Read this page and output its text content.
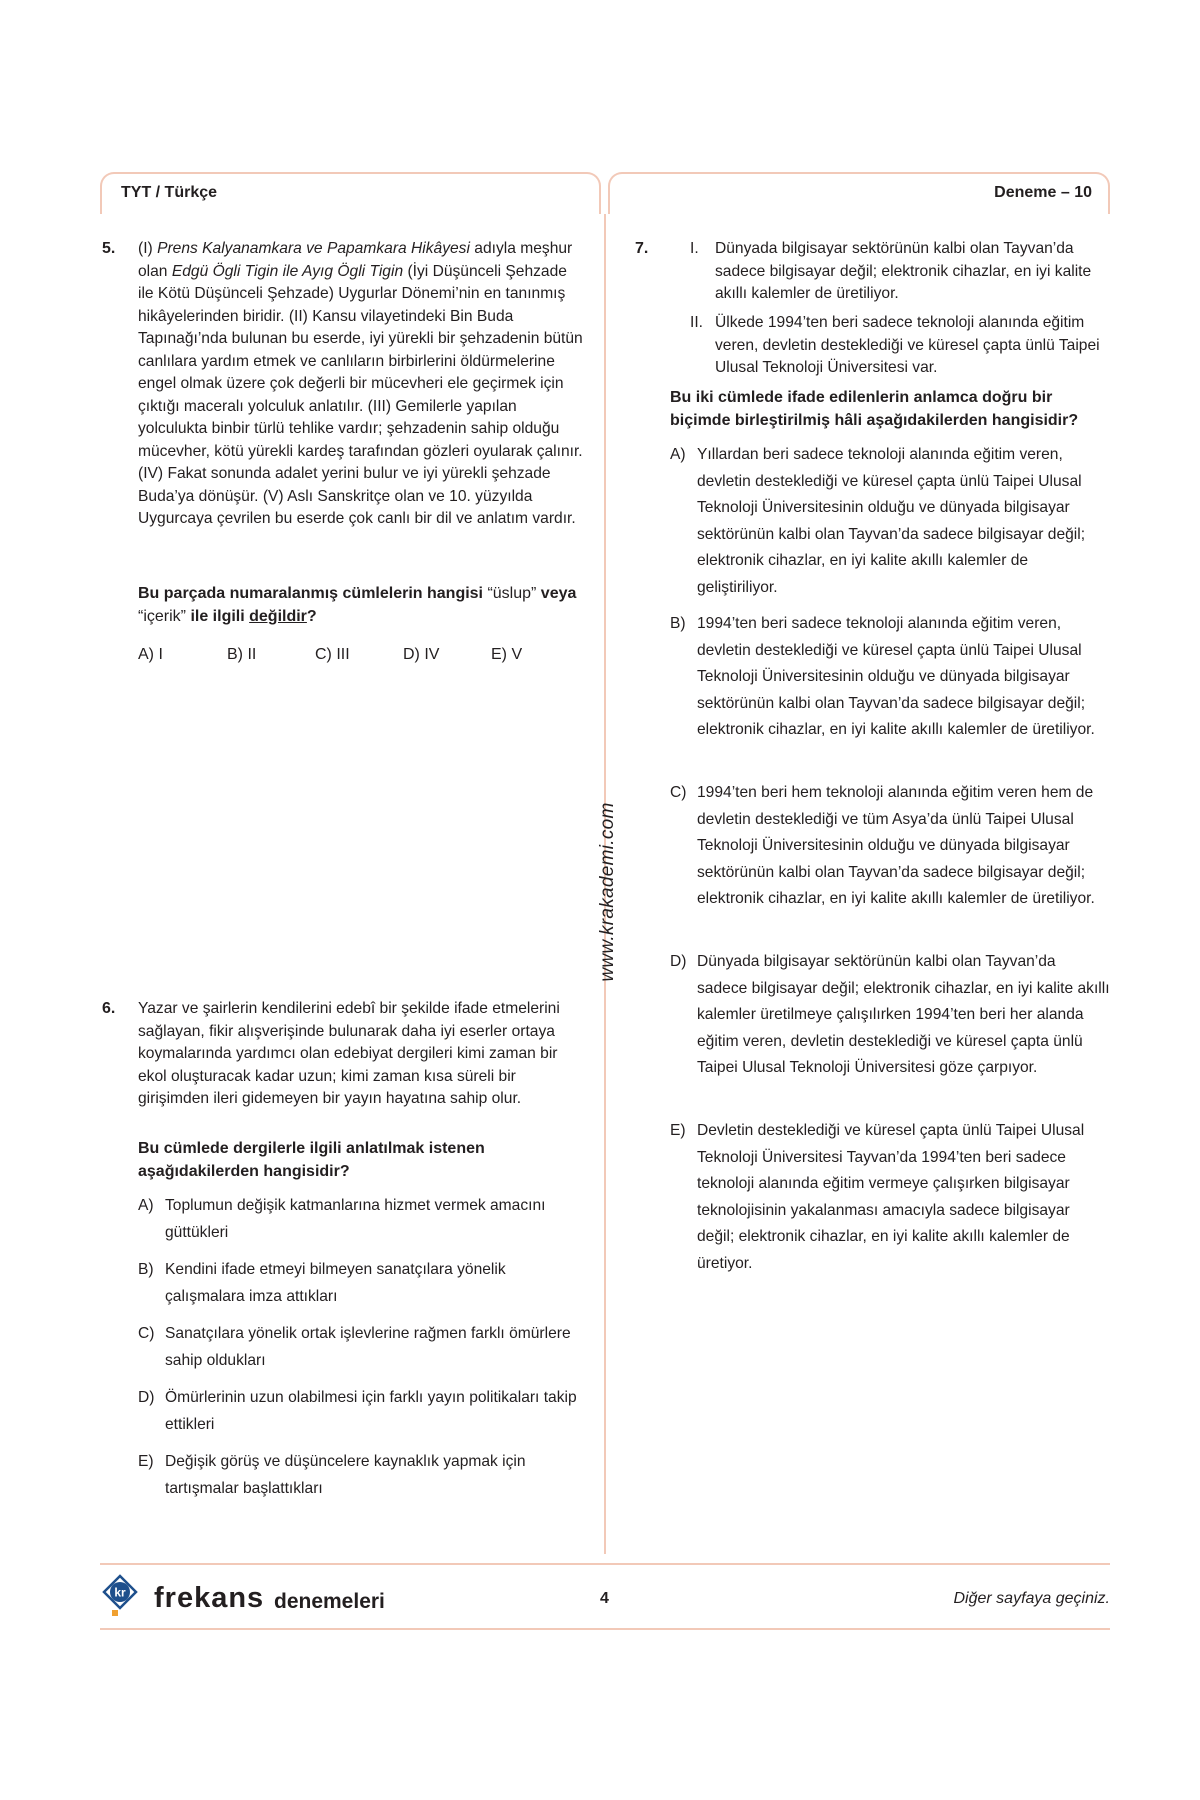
TYT / Türkçe	Deneme – 10
www.krakademi.com
5. (I) Prens Kalyanamkara ve Papamkara Hikâyesi adıyla meşhur olan Edgü Ögli Tigin ile Ayıg Ögli Tigin (İyi Düşünceli Şehzade ile Kötü Düşünceli Şehzade) Uygurlar Dönemi’nin en tanınmış hikâyelerinden biridir. (II) Kansu vilayetindeki Bin Buda Tapınağı’nda bulunan bu eserde, iyi yürekli bir şehzadenin bütün canlılara yardım etmek ve canlıların birbirlerini öldürmelerine engel olmak üzere çok değerli bir mücevheri ele geçirmek için çıktığı maceralı yolculuk anlatılır. (III) Gemilerle yapılan yolculukta binbir türlü tehlike vardır; şehzadenin sahip olduğu mücevher, kötü yürekli kardeş tarafından gözleri oyularak çalınır. (IV) Fakat sonunda adalet yerini bulur ve iyi yürekli şehzade Buda’ya dönüşür. (V) Aslı Sanskritçe olan ve 10. yüzyılda Uygurcaya çevrilen bu eserde çok canlı bir dil ve anlatım vardır.
Bu parçada numaralanmış cümlelerin hangisi “üslup” veya “içerik” ile ilgili değildir?
A) I	B) II	C) III	D) IV	E) V
6. Yazar ve şairlerin kendilerini edebî bir şekilde ifade etmelerini sağlayan, fikir alışverişinde bulunarak daha iyi eserler ortaya koymalarında yardımcı olan edebiyat dergileri kimi zaman bir ekol oluşturacak kadar uzun; kimi zaman kısa süreli bir girişimden ileri gidemeyen bir yayın hayatına sahip olur.
Bu cümlede dergilerle ilgili anlatılmak istenen aşağıdakilerden hangisidir?
A) Toplumun değişik katmanlarına hizmet vermek amacını güttükleri
B) Kendini ifade etmeyi bilmeyen sanatçılara yönelik çalışmalara imza attıkları
C) Sanatçılara yönelik ortak işlevlerine rağmen farklı ömürlere sahip oldukları
D) Ömürlerinin uzun olabilmesi için farklı yayın politikaları takip ettikleri
E) Değişik görüş ve düşüncelere kaynaklık yapmak için tartışmalar başlattıkları
7.	I. Dünyada bilgisayar sektörünün kalbi olan Tayvan’da sadece bilgisayar değil; elektronik cihazlar, en iyi kalite akıllı kalemler de üretiliyor.
II. Ülkede 1994’ten beri sadece teknoloji alanında eğitim veren, devletin desteklediği ve küresel çapta ünlü Taipei Ulusal Teknoloji Üniversitesi var.
Bu iki cümlede ifade edilenlerin anlamca doğru bir biçimde birleştirilmiş hâli aşağıdakilerden hangisidir?
A) Yıllardan beri sadece teknoloji alanında eğitim veren, devletin desteklediği ve küresel çapta ünlü Taipei Ulusal Teknoloji Üniversitesinin olduğu ve dünyada bilgisayar sektörünün kalbi olan Tayvan’da sadece bilgisayar değil; elektronik cihazlar, en iyi kalite akıllı kalemler de geliştiriliyor.
B) 1994’ten beri sadece teknoloji alanında eğitim veren, devletin desteklediği ve küresel çapta ünlü Taipei Ulusal Teknoloji Üniversitesinin olduğu ve dünyada bilgisayar sektörünün kalbi olan Tayvan’da sadece bilgisayar değil; elektronik cihazlar, en iyi kalite akıllı kalemler de üretiliyor.
C) 1994’ten beri hem teknoloji alanında eğitim veren hem de devletin desteklediği ve tüm Asya’da ünlü Taipei Ulusal Teknoloji Üniversitesinin olduğu ve dünyada bilgisayar sektörünün kalbi olan Tayvan’da sadece bilgisayar değil; elektronik cihazlar, en iyi kalite akıllı kalemler de üretiliyor.
D) Dünyada bilgisayar sektörünün kalbi olan Tayvan’da sadece bilgisayar değil; elektronik cihazlar, en iyi kalite akıllı kalemler üretilmeye çalışılırken 1994’ten beri her alanda eğitim veren, devletin desteklediği ve küresel çapta ünlü Taipei Ulusal Teknoloji Üniversitesi göze çarpıyor.
E) Devletin desteklediği ve küresel çapta ünlü Taipei Ulusal Teknoloji Üniversitesi Tayvan’da 1994’ten beri sadece teknoloji alanında eğitim vermeye çalışırken bilgisayar teknolojisinin yakalanması amacıyla sadece bilgisayar değil; elektronik cihazlar, en iyi kalite akıllı kalemler de üretiyor.
kr frekans denemeleri	4	Diğer sayfaya geçiniz.
